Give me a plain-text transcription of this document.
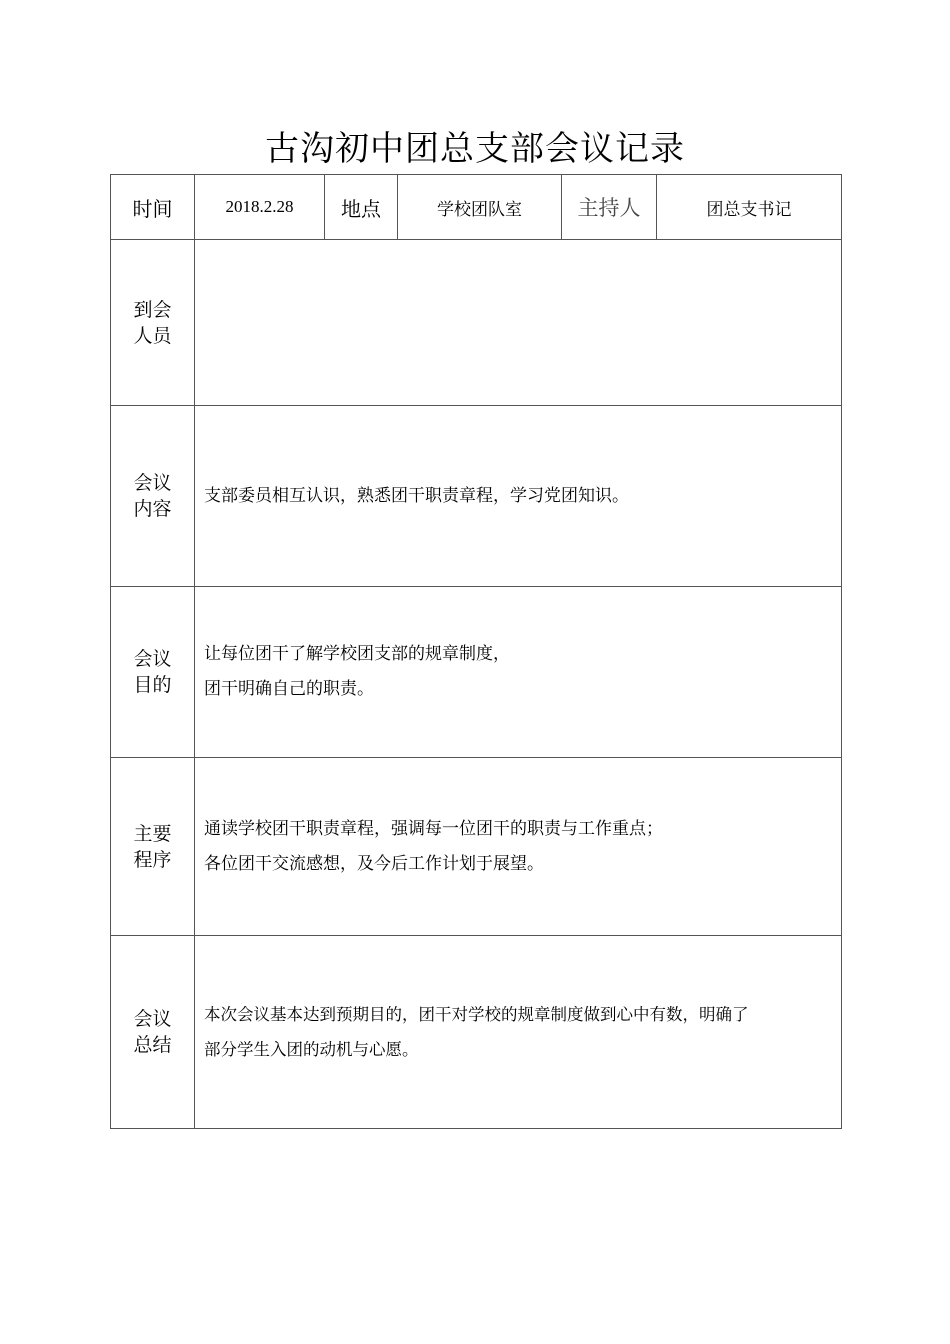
古沟初中团总支部会议记录
时间	2018.2.28	地点	学校团队室	主持人	团总支书记

到会
人员					

会议
内容	支部委员相互认识，熟悉团干职责章程，学习党团知识。				

会议
目的	让每位团干了解学校团支部的规章制度，
团干明确自己的职责。				

主要
程序	通读学校团干职责章程，强调每一位团干的职责与工作重点；
各位团干交流感想，及今后工作计划于展望。				

会议
总结	本次会议基本达到预期目的，团干对学校的规章制度做到心中有数，明确了
部分学生入团的动机与心愿。				
